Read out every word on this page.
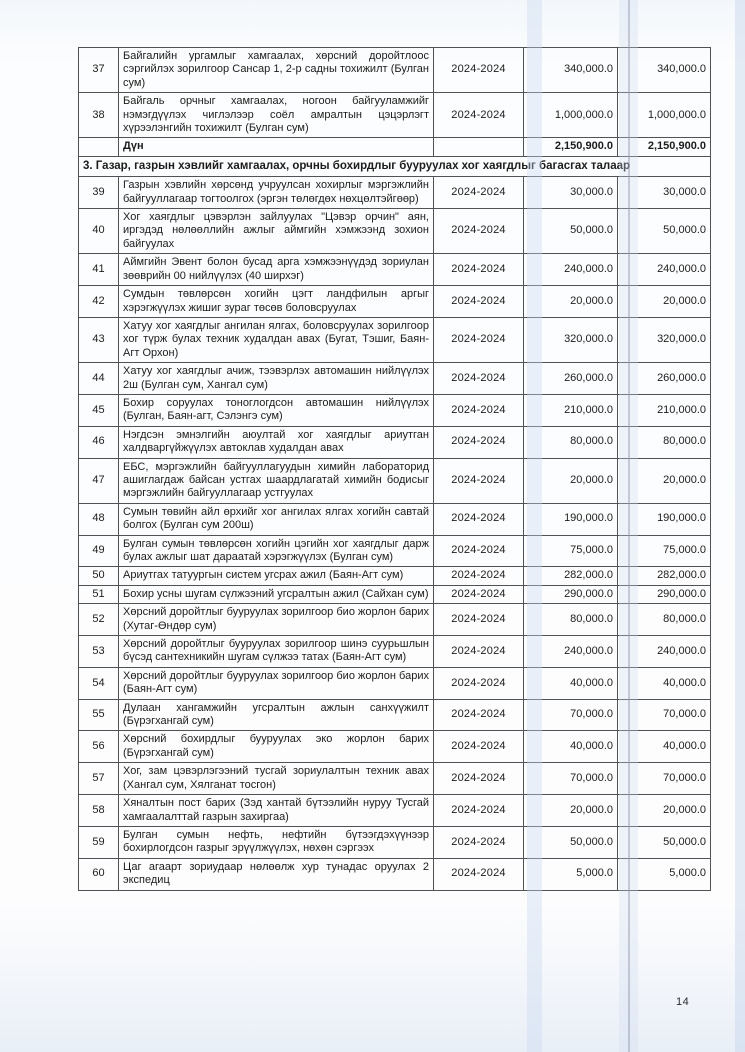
37	Байгалийн ургамлыг хамгаалах, хөрсний доройтлоос сэргийлэх зорилгоор Сансар 1, 2-р садны тохижилт (Булган сум)	2024-2024	340,000.0	340,000.0
38	Байгаль орчныг хамгаалах, ногоон байгууламжийг нэмэгдүүлэх чиглэлээр соёл амралтын цэцэрлэгт хүрээлэнгийн тохижилт (Булган сум)	2024-2024	1,000,000.0	1,000,000.0
	Дүн		2,150,900.0	2,150,900.0
3. Газар, газрын хэвлийг хамгаалах, орчны бохирдлыг бууруулах хог хаягдлыг багасгах талаар				
39	Газрын хэвлийн хөрсөнд учруулсан хохирлыг мэргэжлийн байгууллагаар тогтоолгох (эргэн төлөгдөх нөхцөлтэйгөөр)	2024-2024	30,000.0	30,000.0
40	Хог хаягдлыг цэвэрлэн зайлуулах "Цэвэр орчин" аян, иргэдэд нөлөөллийн ажлыг аймгийн хэмжээнд зохион байгуулах	2024-2024	50,000.0	50,000.0
41	Аймгийн Эвент болон бусад арга хэмжээнүүдэд зориулан зөөврийн 00 нийлүүлэх (40 ширхэг)	2024-2024	240,000.0	240,000.0
42	Сумдын төвлөрсөн хогийн цэгт ландфилын аргыг хэрэгжүүлэх жишиг зураг төсөв боловсруулах	2024-2024	20,000.0	20,000.0
43	Хатуу хог хаягдлыг ангилан ялгах, боловсруулах зорилгоор хог түрж булах техник худалдан авах (Бугат, Тэшиг, Баян-Агт Орхон)	2024-2024	320,000.0	320,000.0
44	Хатуу хог хаягдлыг ачиж, тээвэрлэх автомашин нийлүүлэх 2ш (Булган сум, Хангал сум)	2024-2024	260,000.0	260,000.0
45	Бохир соруулах тоноглогдсон автомашин нийлүүлэх (Булган, Баян-агт, Сэлэнгэ сум)	2024-2024	210,000.0	210,000.0
46	Нэгдсэн эмнэлгийн аюултай хог хаягдлыг ариутган халдваргүйжүүлэх автоклав худалдан авах	2024-2024	80,000.0	80,000.0
47	ЕБС, мэргэжлийн байгууллагуудын химийн лабораторид ашиглагдаж байсан устгах шаардлагатай химийн бодисыг мэргэжлийн байгууллагаар устгуулах	2024-2024	20,000.0	20,000.0
48	Сумын төвийн айл өрхийг хог ангилах ялгах хогийн савтай болгох (Булган сум 200ш)	2024-2024	190,000.0	190,000.0
49	Булган сумын төвлөрсөн хогийн цэгийн хог хаягдлыг дарж булах ажлыг шат дараатай хэрэгжүүлэх (Булган сум)	2024-2024	75,000.0	75,000.0
50	Ариутгах татуургын систем угсрах ажил (Баян-Агт сум)	2024-2024	282,000.0	282,000.0
51	Бохир усны шугам сүлжээний угсралтын ажил (Сайхан сум)	2024-2024	290,000.0	290,000.0
52	Хөрсний доройтлыг бууруулах зорилгоор био жорлон барих (Хутаг-Өндөр сум)	2024-2024	80,000.0	80,000.0
53	Хөрсний доройтлыг бууруулах зорилгоор шинэ суурьшлын бүсэд сантехникийн шугам сүлжээ татах (Баян-Агт сум)	2024-2024	240,000.0	240,000.0
54	Хөрсний доройтлыг бууруулах зорилгоор био жорлон барих (Баян-Агт сум)	2024-2024	40,000.0	40,000.0
55	Дулаан хангамжийн угсралтын ажлын санхүүжилт (Бүрэгхангай сум)	2024-2024	70,000.0	70,000.0
56	Хөрсний бохирдлыг бууруулах эко жорлон барих (Бүрэгхангай сум)	2024-2024	40,000.0	40,000.0
57	Хог, зам цэвэрлэгээний тусгай зориулалтын техник авах (Хангал сум, Хялганат тосгон)	2024-2024	70,000.0	70,000.0
58	Хяналтын пост барих (Зэд хантай бүтээлийн нуруу Тусгай хамгаалалттай газрын захиргаа)	2024-2024	20,000.0	20,000.0
59	Булган сумын нефть, нефтийн бүтээгдэхүүнээр бохирлогдсон газрыг эрүүлжүүлэх, нөхөн сэргээх	2024-2024	50,000.0	50,000.0
60	Цаг агаарт зориудаар нөлөөлж хур тунадас оруулах 2 экспедиц	2024-2024	5,000.0	5,000.0
14
